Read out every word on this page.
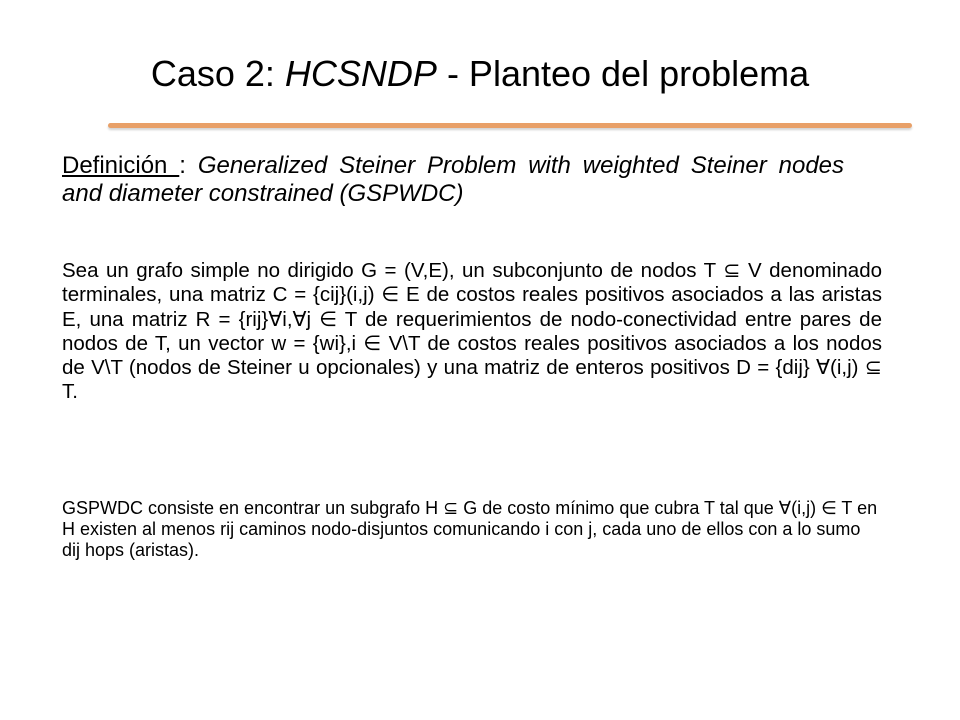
Caso 2: HCSNDP - Planteo del problema
Definición : Generalized Steiner Problem with weighted Steiner nodes and diameter constrained (GSPWDC)
Sea un grafo simple no dirigido G = (V,E), un subconjunto de nodos T ⊆ V denominado terminales, una matriz C = {cij}(i,j) ∈ E de costos reales positivos asociados a las aristas E, una matriz R = {rij}∀i,∀j ∈ T de requerimientos de nodo-conectividad entre pares de nodos de T, un vector w = {wi},i ∈ V\T de costos reales positivos asociados a los nodos de V\T (nodos de Steiner u opcionales) y una matriz de enteros positivos D = {dij} ∀(i,j) ⊆ T.
GSPWDC consiste en encontrar un subgrafo H ⊆ G de costo mínimo que cubra T tal que ∀(i,j) ∈ T en H existen al menos rij caminos nodo-disjuntos comunicando i con j, cada uno de ellos con a lo sumo dij hops (aristas).
